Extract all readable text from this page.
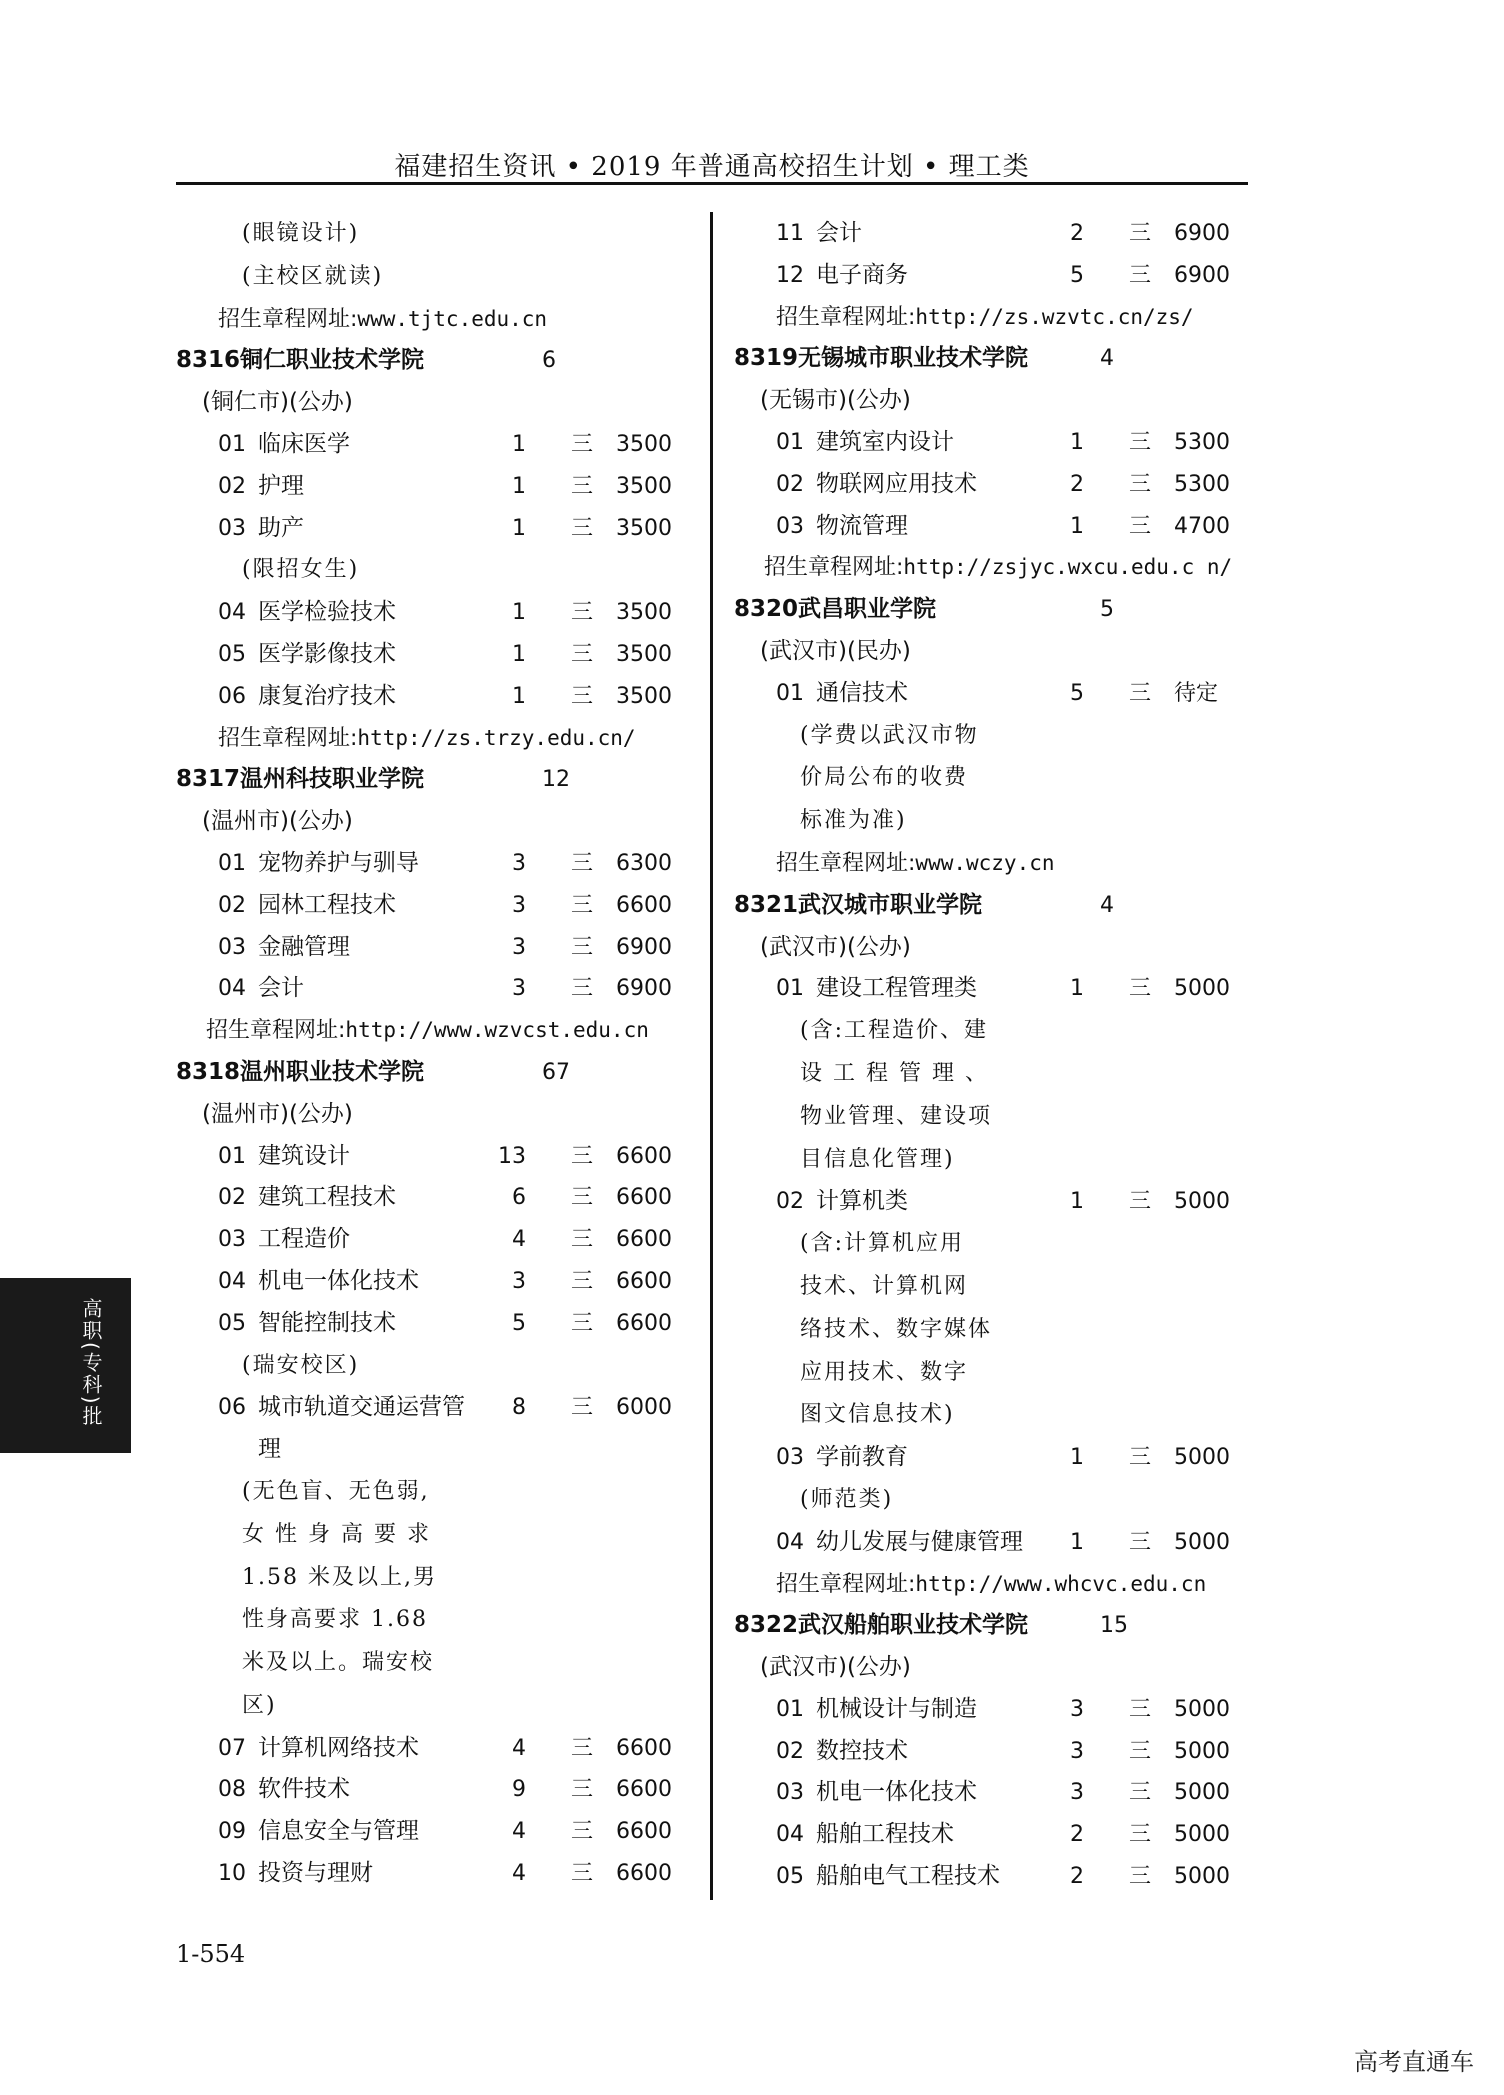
福建招生资讯 • 2019 年普通高校招生计划 • 理工类
(眼镜设计)
(主校区就读)
招生章程网址:www.tjtc.edu.cn
8316 铜仁职业技术学院	6
(铜仁市)(公办)
01 临床医学	1 三 3500
02 护理	1 三 3500
03 助产	1 三 3500
(限招女生)
04 医学检验技术	1 三 3500
05 医学影像技术	1 三 3500
06 康复治疗技术	1 三 3500
招生章程网址:http://zs.trzy.edu.cn/
8317 温州科技职业学院	12
(温州市)(公办)
01 宠物养护与驯导	3 三 6300
02 园林工程技术	3 三 6600
03 金融管理	3 三 6900
04 会计	3 三 6900
招生章程网址:http://www.wzvcst.edu.cn
8318 温州职业技术学院	67
(温州市)(公办)
01 建筑设计	13 三 6600
02 建筑工程技术	6 三 6600
03 工程造价	4 三 6600
04 机电一体化技术	3 三 6600
05 智能控制技术	5 三 6600
(瑞安校区)
06 城市轨道交通运营管	8 三 6000
理
(无色盲、无色弱,
女 性 身 高 要 求
1.58 米及以上,男
性身高要求 1.68
米及以上。瑞安校
区)
07 计算机网络技术	4 三 6600
08 软件技术	9 三 6600
09 信息安全与管理	4 三 6600
10 投资与理财	4 三 6600
11 会计	2 三 6900
12 电子商务	5 三 6900
招生章程网址:http://zs.wzvtc.cn/zs/
8319 无锡城市职业技术学院	4
(无锡市)(公办)
01 建筑室内设计	1 三 5300
02 物联网应用技术	2 三 5300
03 物流管理	1 三 4700
招生章程网址:http://zsjyc.wxcu.edu.c n/
8320 武昌职业学院	5
(武汉市)(民办)
01 通信技术	5 三 待定
(学费以武汉市物
价局公布的收费
标准为准)
招生章程网址:www.wczy.cn
8321 武汉城市职业学院	4
(武汉市)(公办)
01 建设工程管理类	1 三 5000
(含:工程造价、建
设 工 程 管 理 、
物业管理、建设项
目信息化管理)
02 计算机类	1 三 5000
(含:计算机应用
技术、计算机网
络技术、数字媒体
应用技术、数字
图文信息技术)
03 学前教育	1 三 5000
(师范类)
04 幼儿发展与健康管理	1 三 5000
招生章程网址:http://www.whcvc.edu.cn
8322 武汉船舶职业技术学院	15
(武汉市)(公办)
01 机械设计与制造	3 三 5000
02 数控技术	3 三 5000
03 机电一体化技术	3 三 5000
04 船舶工程技术	2 三 5000
05 船舶电气工程技术	2 三 5000
高职(专科)批
1-554
高考直通车
